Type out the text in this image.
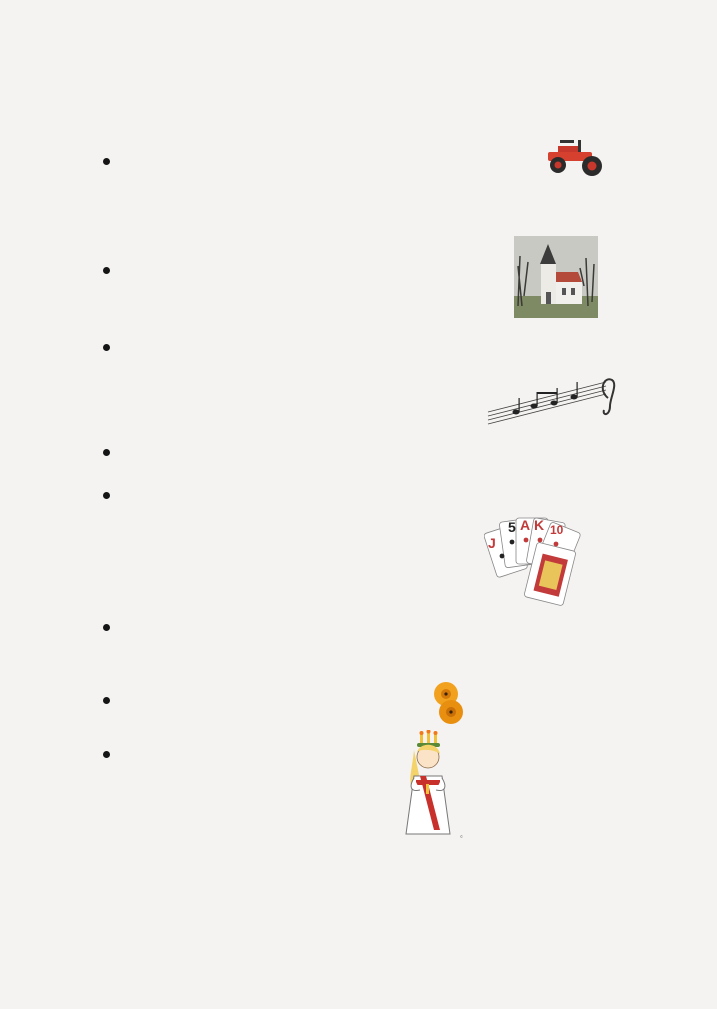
J
5 A K 10
©
